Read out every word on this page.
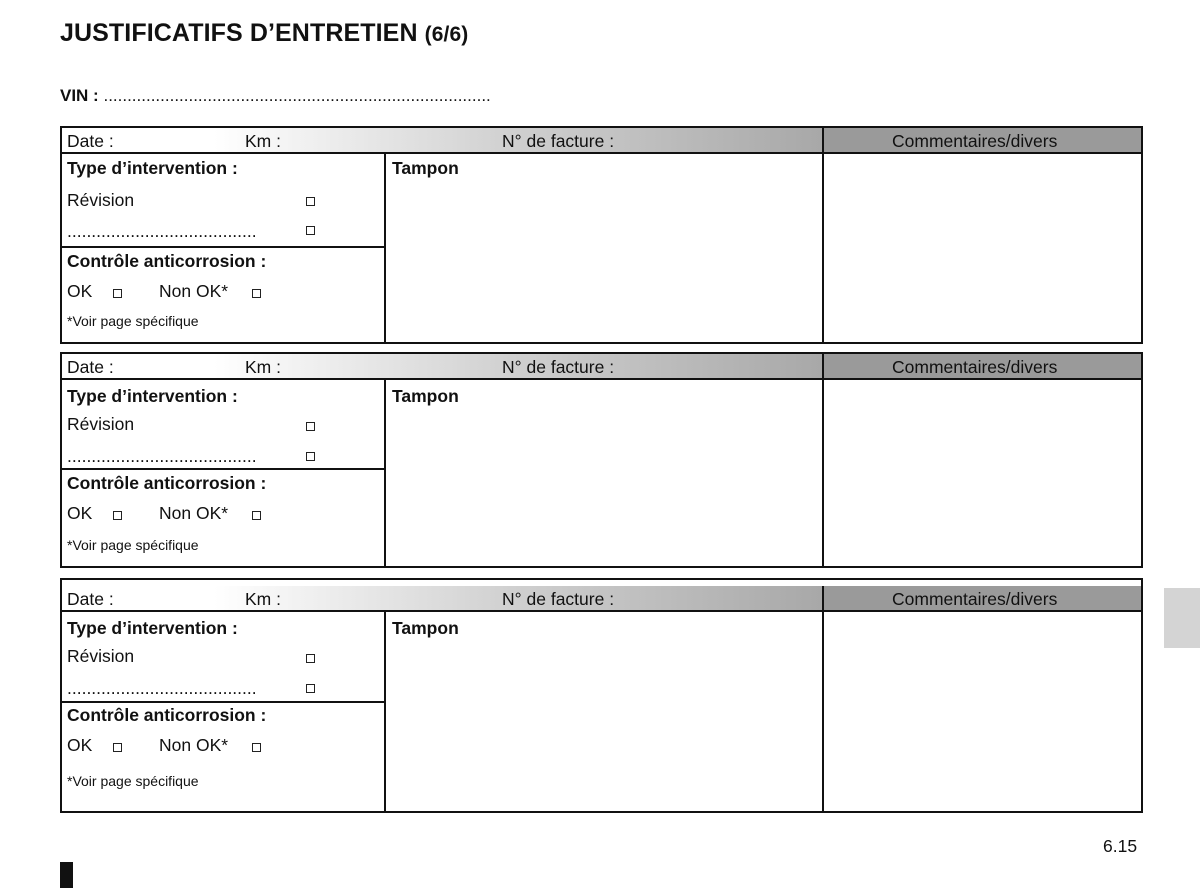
JUSTIFICATIFS D’ENTRETIEN (6/6)
VIN : ..................................................................................
Date :	Km :	N° de facture :	Commentaires/divers
Type d’intervention :
Révision
.......................................
Contrôle anticorrosion :
OK	Non OK*
*Voir page spécifique
Tampon
Date :	Km :	N° de facture :	Commentaires/divers
Type d’intervention :
Révision
.......................................
Contrôle anticorrosion :
OK	Non OK*
*Voir page spécifique
Tampon
Date :	Km :	N° de facture :	Commentaires/divers
Type d’intervention :
Révision
.......................................
Contrôle anticorrosion :
OK	Non OK*
*Voir page spécifique
Tampon
6.15
